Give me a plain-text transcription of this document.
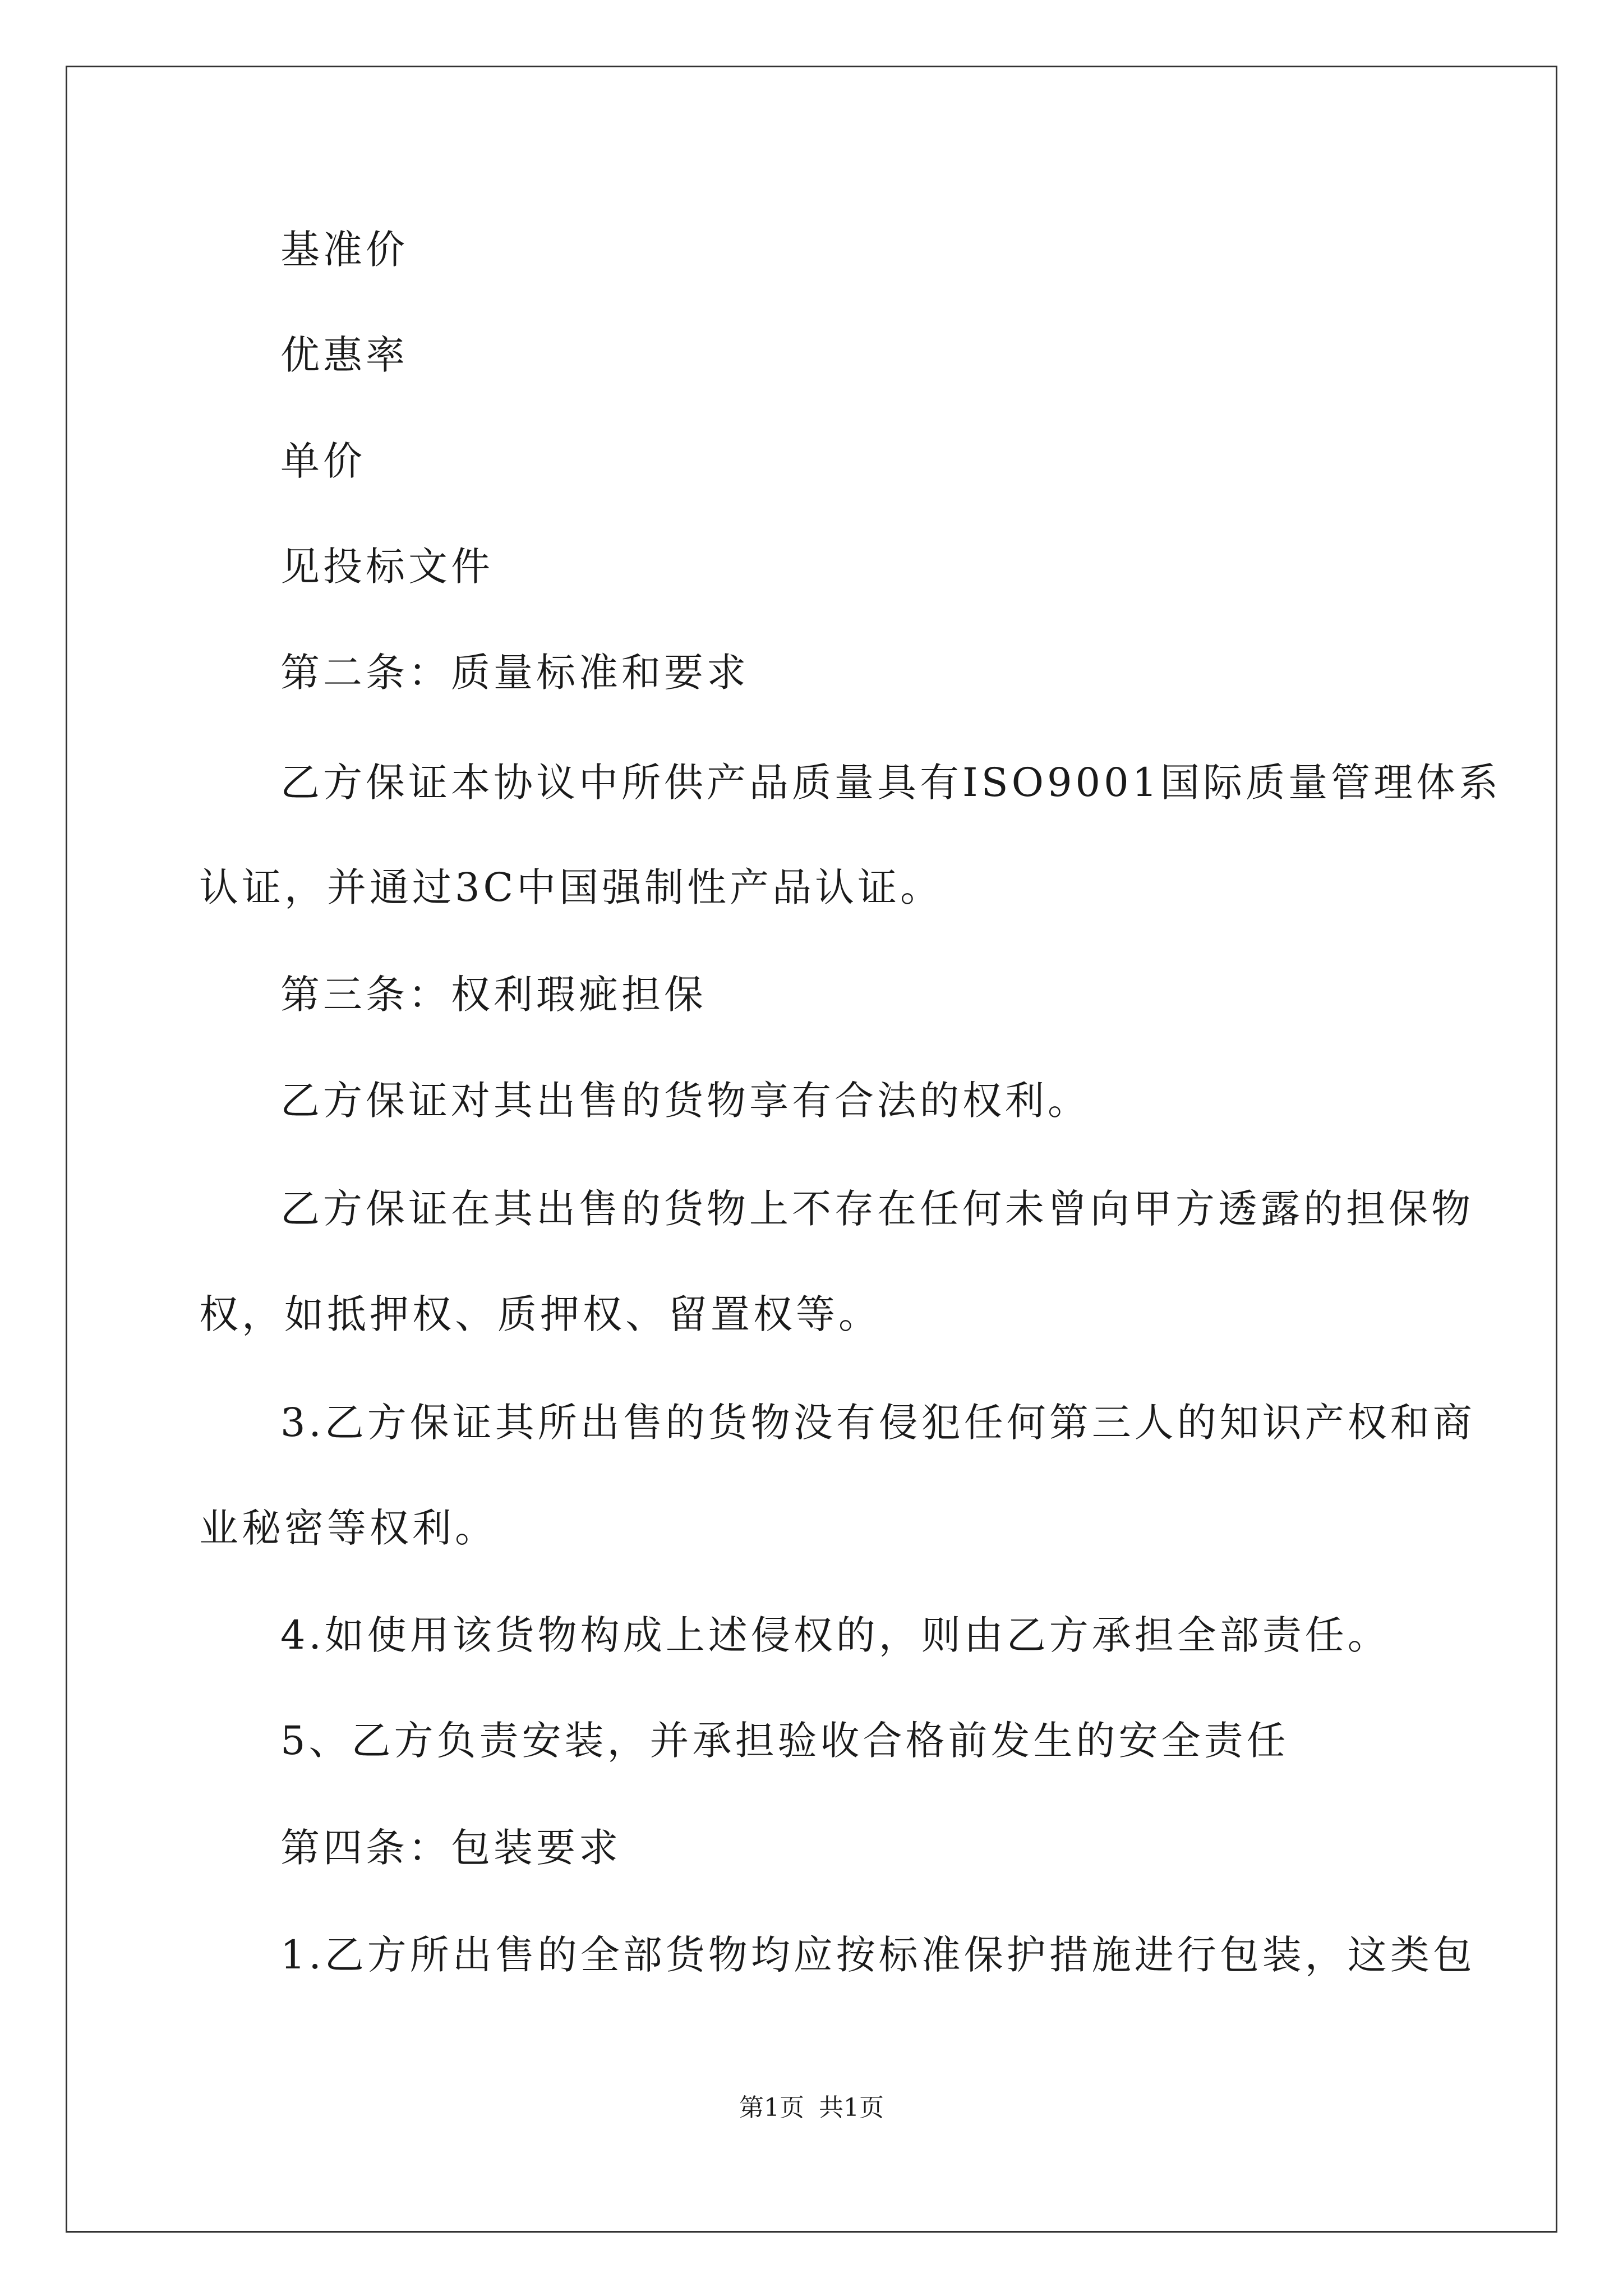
基准价
优惠率
单价
见投标文件
第二条：质量标准和要求
乙方保证本协议中所供产品质量具有ISO9001国际质量管理体系
认证，并通过3C中国强制性产品认证。
第三条：权利瑕疵担保
乙方保证对其出售的货物享有合法的权利。
乙方保证在其出售的货物上不存在任何未曾向甲方透露的担保物
权，如抵押权、质押权、留置权等。
3.乙方保证其所出售的货物没有侵犯任何第三人的知识产权和商
业秘密等权利。
4.如使用该货物构成上述侵权的，则由乙方承担全部责任。
5、乙方负责安装，并承担验收合格前发生的安全责任
第四条：包装要求
1.乙方所出售的全部货物均应按标准保护措施进行包装，这类包
第1页 共1页
